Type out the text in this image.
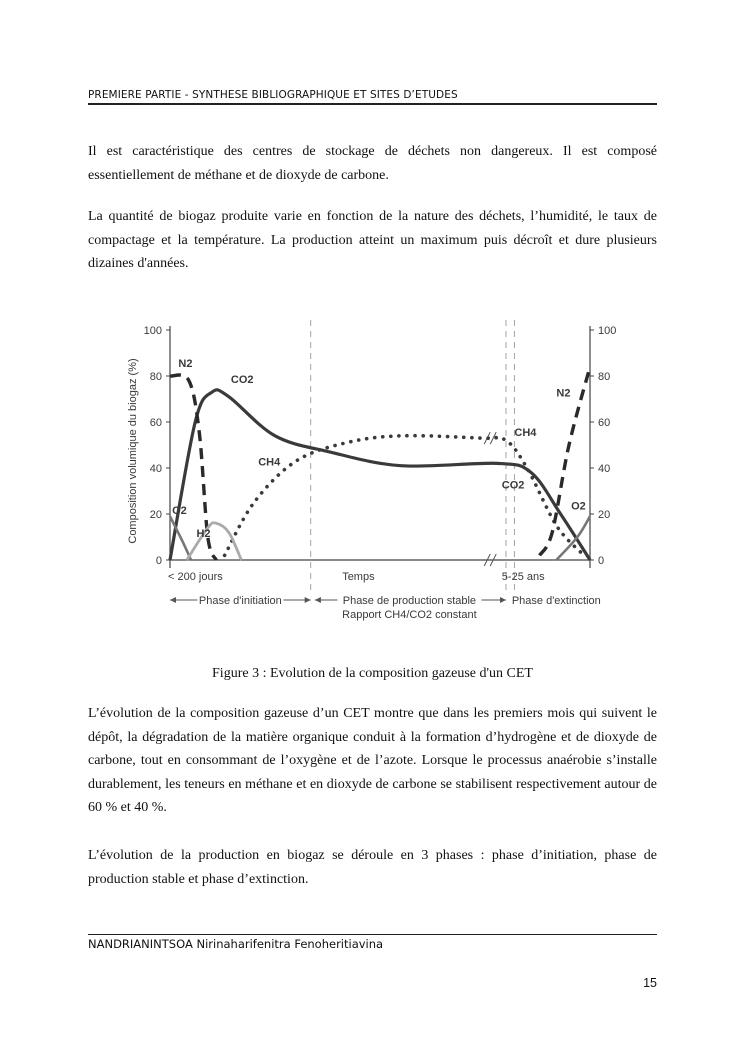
PREMIERE PARTIE - SYNTHESE BIBLIOGRAPHIQUE ET SITES D’ETUDES

Il est caractéristique des centres de stockage de déchets non dangereux. Il est composé essentiellement de méthane et de dioxyde de carbone.

La quantité de biogaz produite varie en fonction de la nature des déchets, l’humidité, le taux de compactage et la température. La production atteint un maximum puis décroît et dure plusieurs dizaines d'années.

0	0
20	20
40	40
60	60
80	80
100	100
N2
N2
CO2
CO2
CH4
CH4
O2	O2
H2
Composition volumique du biogaz (%)
< 200 jours	Temps	5-25 ans
Phase d'initiation	Phase de production stable
Rapport CH4/CO2 constant
Phase d'extinction
Figure 3 : Evolution de la composition gazeuse d'un CET

L’évolution de la composition gazeuse d’un CET montre que dans les premiers mois qui suivent le dépôt, la dégradation de la matière organique conduit à la formation d’hydrogène et de dioxyde de carbone, tout en consommant de l’oxygène et de l’azote. Lorsque le processus anaérobie s’installe durablement, les teneurs en méthane et en dioxyde de carbone se stabilisent respectivement autour de 60 % et 40 %.

L’évolution de la production en biogaz se déroule en 3 phases : phase d’initiation, phase de production stable et phase d’extinction.

NANDRIANINTSOA Nirinaharifenitra Fenoheritiavina
15
